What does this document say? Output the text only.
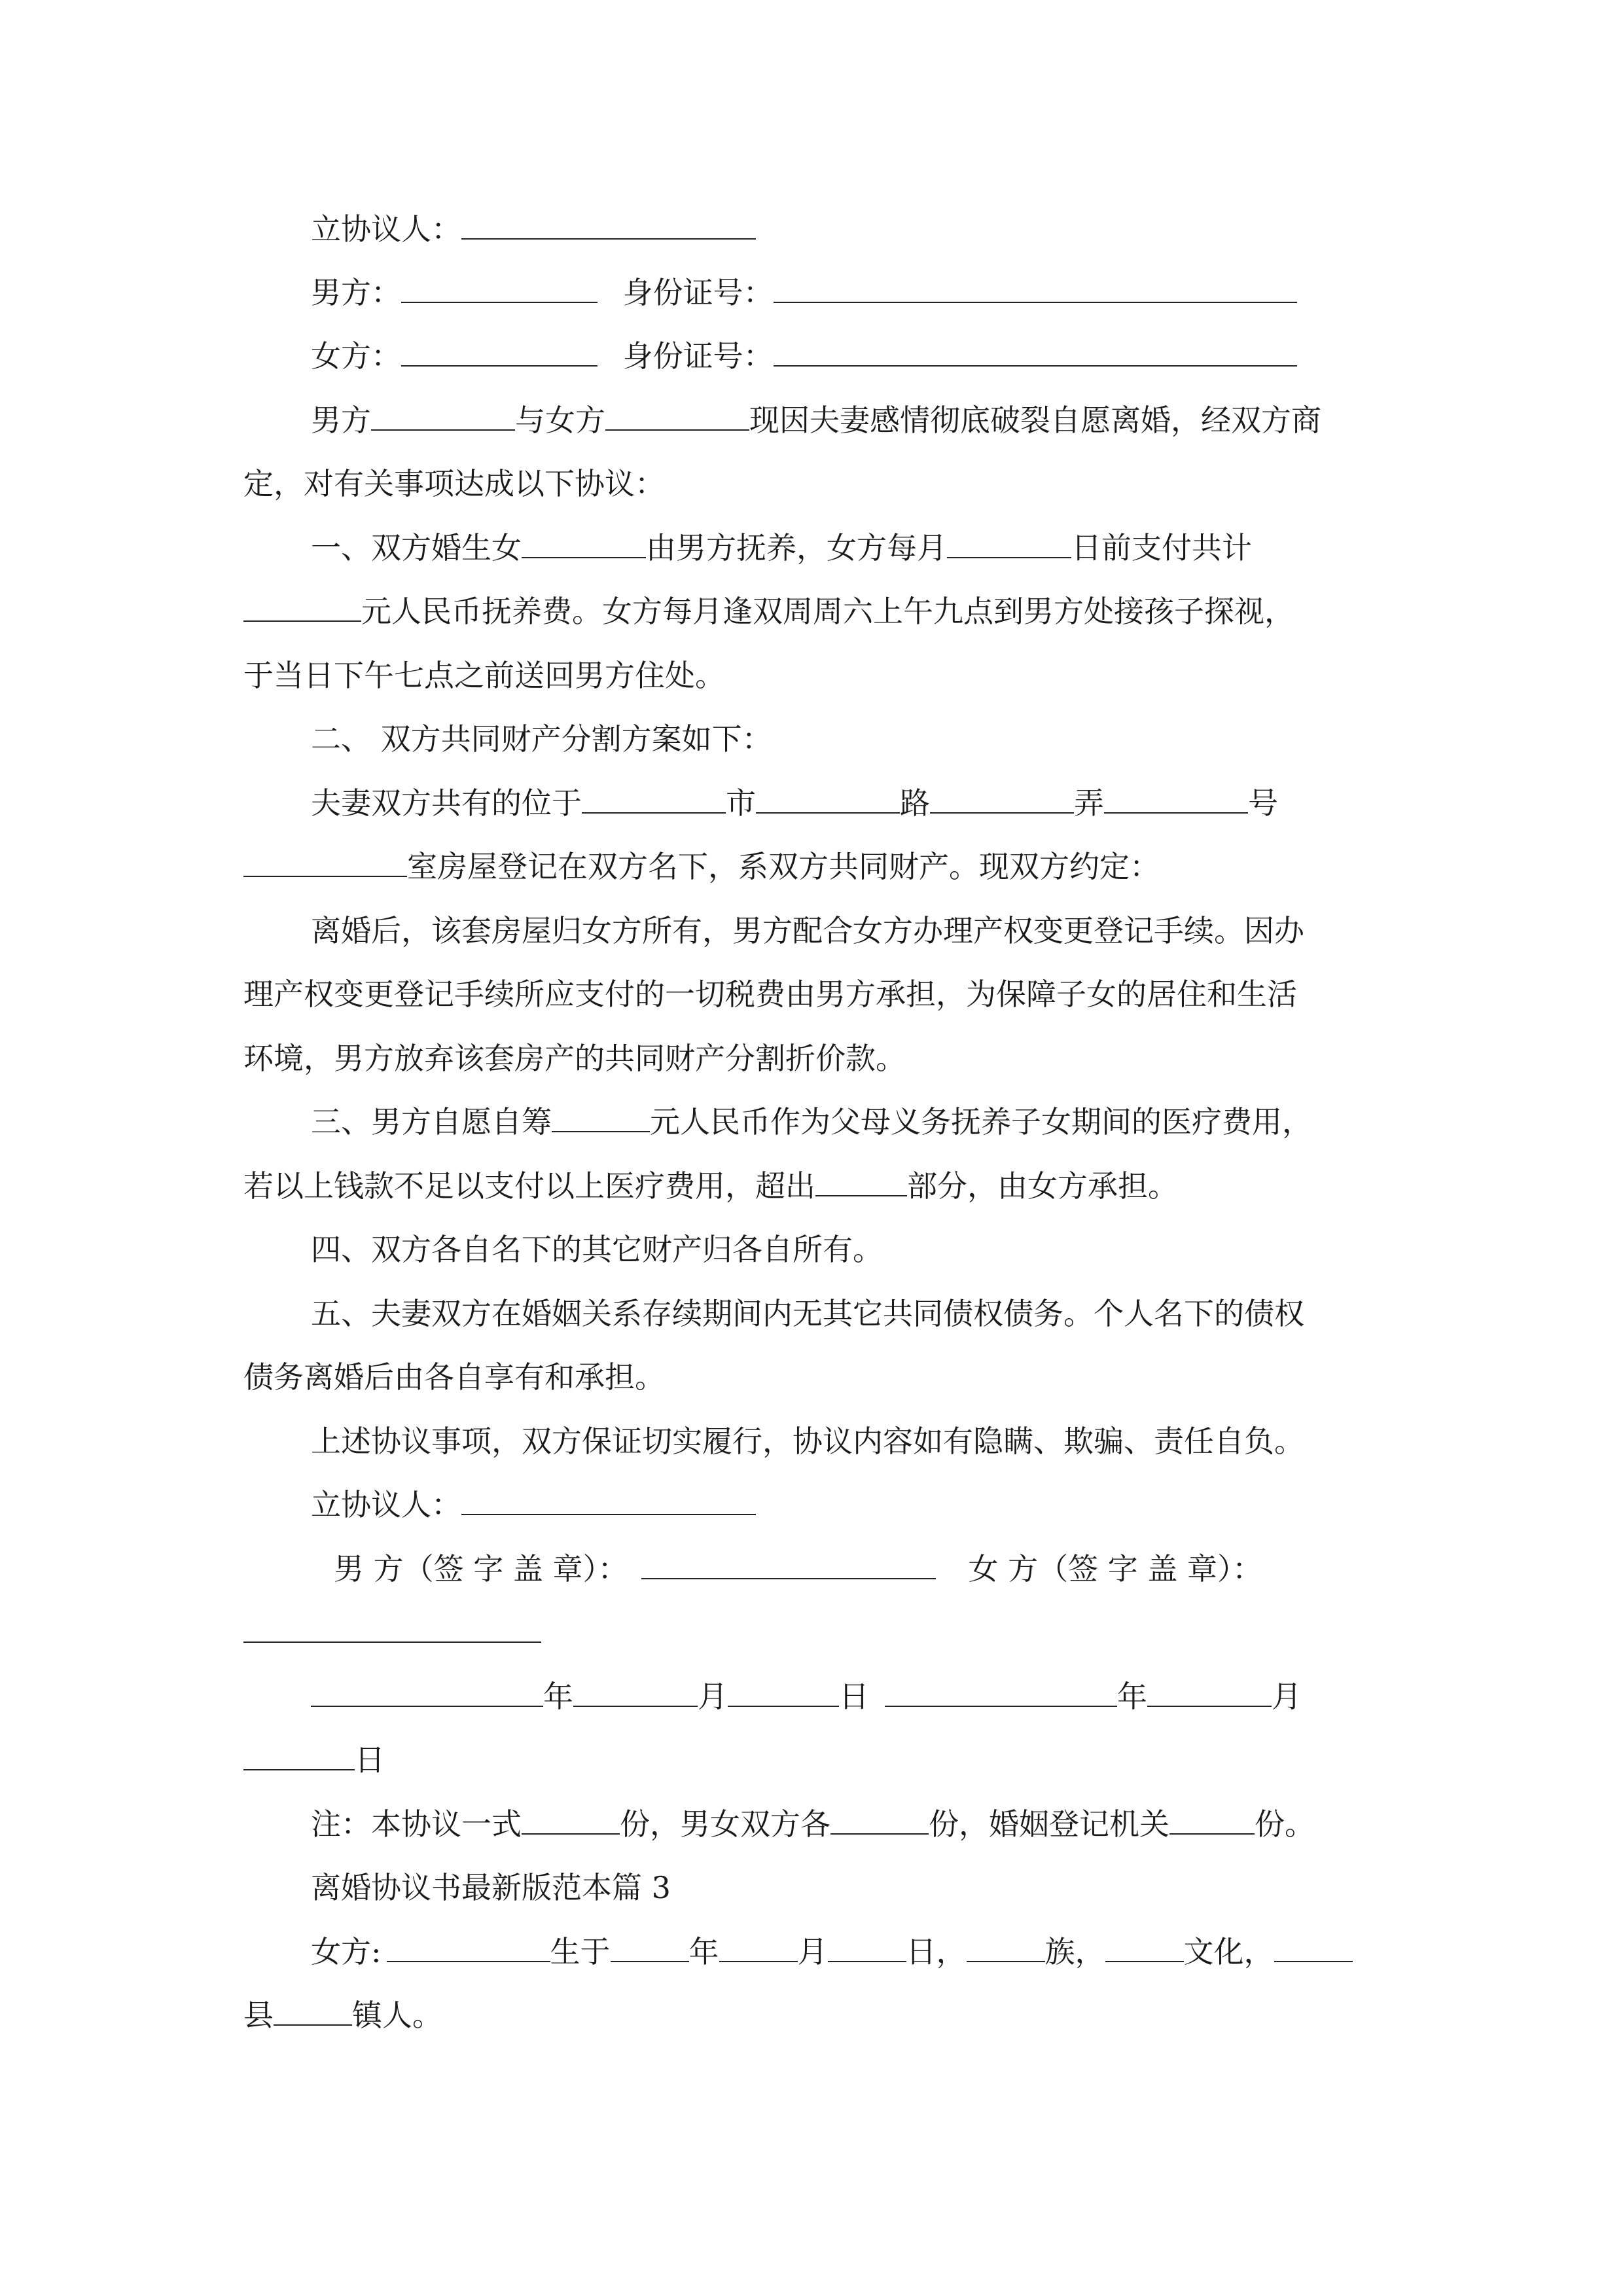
立协议人：
男方：	身份证号：
女方：	身份证号：
男方	与女方	现因夫妻感情彻底破裂自愿离婚，经双方商
定，对有关事项达成以下协议：
一、双方婚生女	由男方抚养，女方每月	日前支付共计
元人民币抚养费。女方每月逢双周周六上午九点到男方处接孩子探视，
于当日下午七点之前送回男方住处。
二、 双方共同财产分割方案如下：
夫妻双方共有的位于	市	路	弄	号
室房屋登记在双方名下，系双方共同财产。现双方约定：
离婚后，该套房屋归女方所有，男方配合女方办理产权变更登记手续。因办
理产权变更登记手续所应支付的一切税费由男方承担，为保障子女的居住和生活
环境，男方放弃该套房产的共同财产分割折价款。
三、男方自愿自筹	元人民币作为父母义务抚养子女期间的医疗费用，
若以上钱款不足以支付以上医疗费用，超出	部分，由女方承担。
四、双方各自名下的其它财产归各自所有。
五、夫妻双方在婚姻关系存续期间内无其它共同债权债务。个人名下的债权
债务离婚后由各自享有和承担。
上述协议事项，双方保证切实履行，协议内容如有隐瞒、欺骗、责任自负。
立协议人：
男 方（签 字 盖 章）：	女 方（签 字 盖 章）：
年	月	日	年	月
日
注：本协议一式	份，男女双方各	份，婚姻登记机关	份。
离婚协议书最新版范本篇 3
女方:	生于	年	月	日，	族，	文化，
县	镇人。
